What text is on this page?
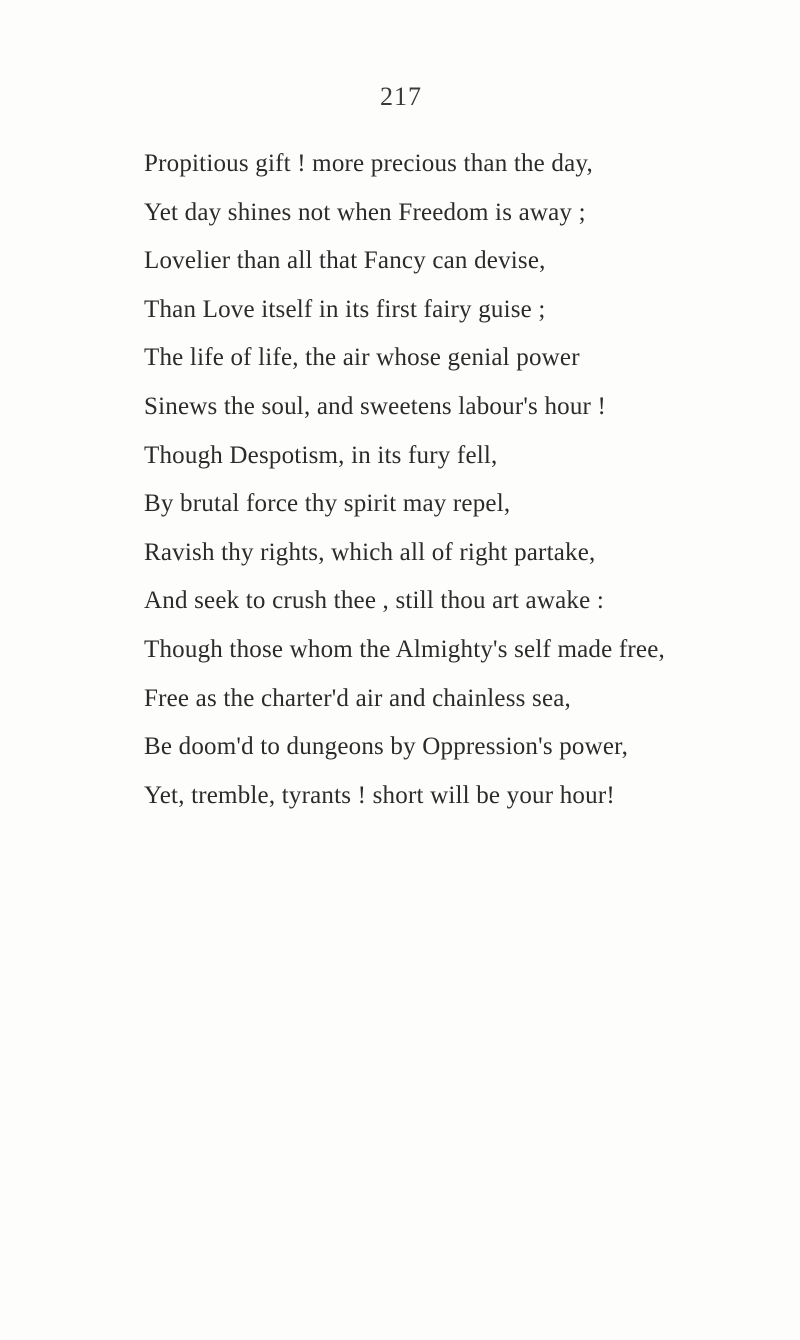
217
Propitious gift ! more precious than the day,
Yet day shines not when Freedom is away ;
Lovelier than all that Fancy can devise,
Than Love itself in its first fairy guise ;
The life of life, the air whose genial power
Sinews the soul, and sweetens labour's hour !
Though Despotism, in its fury fell,
By brutal force thy spirit may repel,
Ravish thy rights, which all of right partake,
And seek to crush thee , still thou art awake :
Though those whom the Almighty's self made free,
Free as the charter'd air and chainless sea,
Be doom'd to dungeons by Oppression's power,
Yet, tremble, tyrants ! short will be your hour!
